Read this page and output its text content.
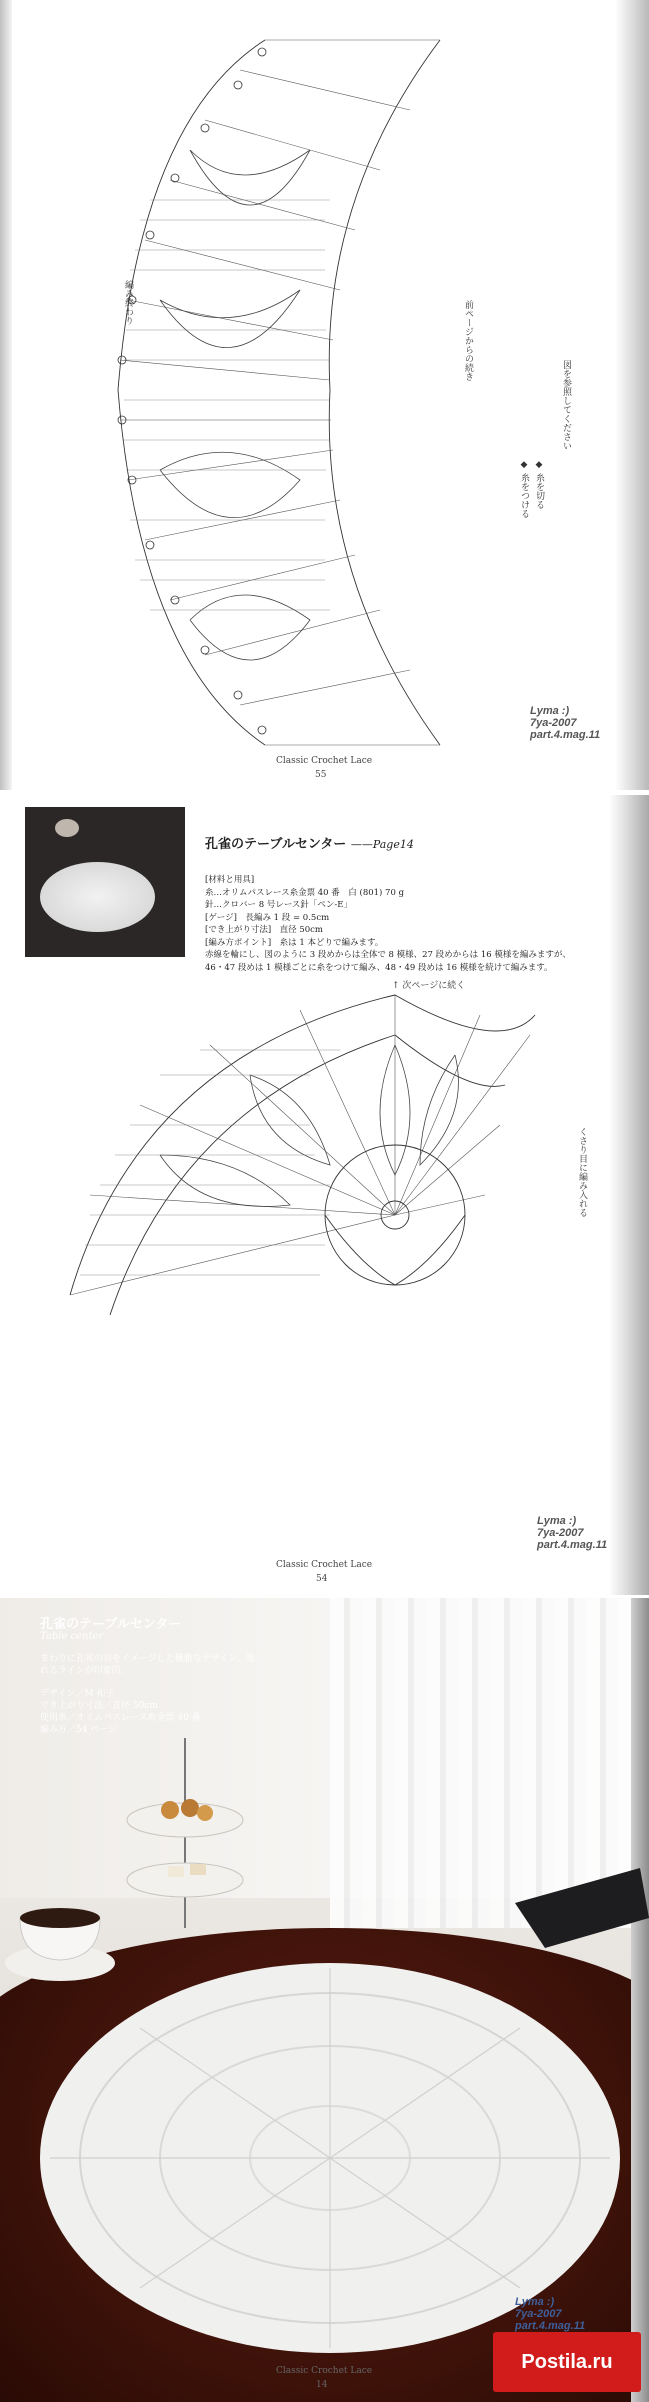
編み終わり	前ページからの続き
図を参照してください
◆ 糸を切る
◆ 糸をつける
Classic Crochet Lace
55
Lyma :)
7ya-2007
part.4.mag.11
孔雀のテーブルセンター ——Page14
[材料と用具]
糸…オリムパスレース糸金票 40 番　白 (801) 70 g
針…クロバー 8 号レース針「ペン-E」
[ゲージ]　長編み 1 段 = 0.5cm
[でき上がり寸法]　直径 50cm
[編み方ポイント]　糸は 1 本どりで編みます。
赤線を輪にし、図のように 3 段めからは全体で 8 模様、27 段めからは 16 模様を編みますが、
46・47 段めは 1 模様ごとに糸をつけて編み、48・49 段めは 16 模様を続けて編みます。
↑ 次ページに続く
くさり目に編み入れる
Classic Crochet Lace
54
Lyma :)
7ya-2007
part.4.mag.11
孔雀のテーブルセンター
Table center
まわりに孔雀の羽をイメージした優雅なデザイン。流れるラインが印象的。
デザイン／M 和子
でき上がり寸法／直径 50cm
使用糸／オリムパスレース糸金票 40 番
編み方／54 ページ
Classic Crochet Lace
14
Lyma :)
7ya-2007
part.4.mag.11
Postila.ru
